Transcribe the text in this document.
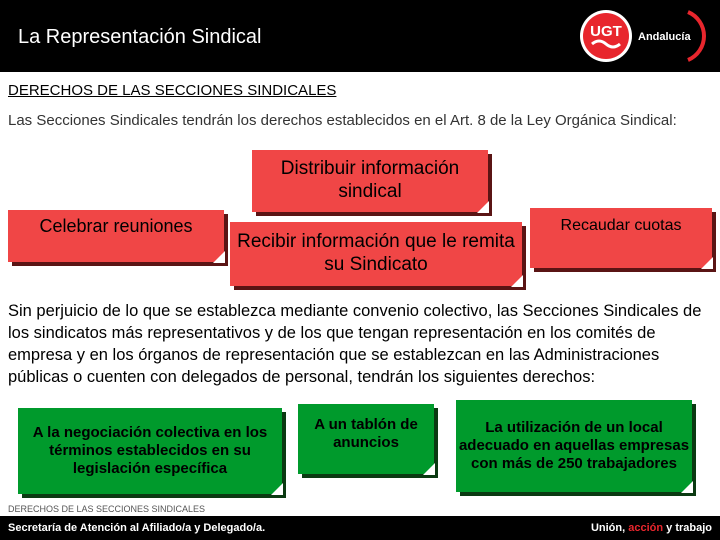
La Representación Sindical	UGT Andalucía
DERECHOS DE LAS SECCIONES SINDICALES
Las Secciones Sindicales tendrán los derechos establecidos en el Art. 8 de la Ley Orgánica Sindical:
Distribuir información sindical
Celebrar reuniones
Recibir información que le remita su Sindicato
Recaudar cuotas
Sin perjuicio de lo que se establezca mediante convenio colectivo, las Secciones Sindicales de los sindicatos más representativos y de los que tengan representación en los comités de empresa y en los órganos de representación que se establezcan en las Administraciones públicas o cuenten con delegados de personal, tendrán los siguientes derechos:
A la negociación colectiva en los términos establecidos en su legislación específica
A un tablón de anuncios
La utilización de un local adecuado en aquellas empresas con más de 250 trabajadores
DERECHOS DE LAS SECCIONES SINDICALES
Secretaría de Atención al Afiliado/a y Delegado/a.	Unión, acción y trabajo
